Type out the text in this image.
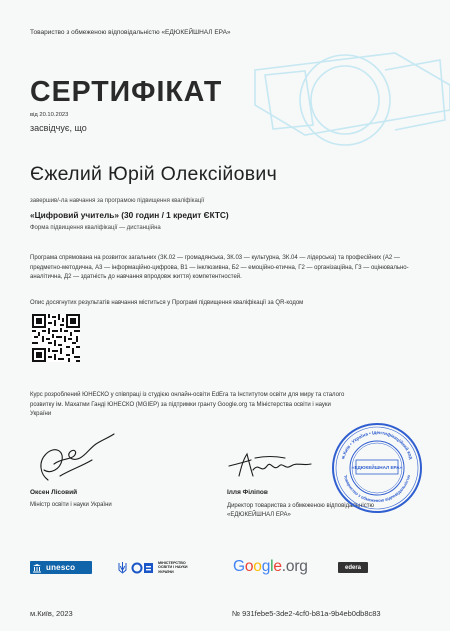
Товариство з обмеженою відповідальністю «ЕДЮКЕЙШНАЛ ЕРА»

СЕРТИФІКАТ

від 20.10.2023

засвідчує, що

Єжелий Юрій Олексійович

завершив/-ла навчання за програмою підвищення кваліфікації

«Цифровий учитель» (30 годин / 1 кредит ЄКТС)

Форма підвищення кваліфікації — дистанційна

Програма спрямована на розвиток загальних (ЗК.02 — громадянська, ЗК.03 — культурна, ЗК.04 — лідерська) та професійних (А2 — предметно-методична, А3 — інформаційно-цифрова, В1 — інклюзивна, Б2 — емоційно-етична, Г2 — організаційна, Г3 — оцінювально-аналітична, Д2 — здатність до навчання впродовж життя) компетентностей.

Опис досягнутих результатів навчання міститься у Програмі підвищення кваліфікації за QR-кодом

Курс розроблений ЮНЕСКО у співпраці із студією онлайн-освіти EdEra та Інститутом освіти для миру та сталого розвитку ім. Махатми Ганді ЮНЕСКО (MGIEP) за підтримки гранту Google.org та Міністерства освіти і науки України

Оксен Лісовий

Міністр освіти і науки України

Ілля Філіпов

Директор товариства з обмеженою відповідальністю «ЕДЮКЕЙШНАЛ ЕРА»

м.Київ • Україна • Ідентифікаційний код
Товариство з обмеженою відповідальністю
«ЕДЮКЕЙШНАЛ ЕРА»
unesco	МІНІСТЕРСТВО ОСВІТИ І НАУКИ УКРАЇНИ	Google.org	edera

м.Київ, 2023	№ 931febe5-3de2-4cf0-b81a-9b4eb0db8c83
